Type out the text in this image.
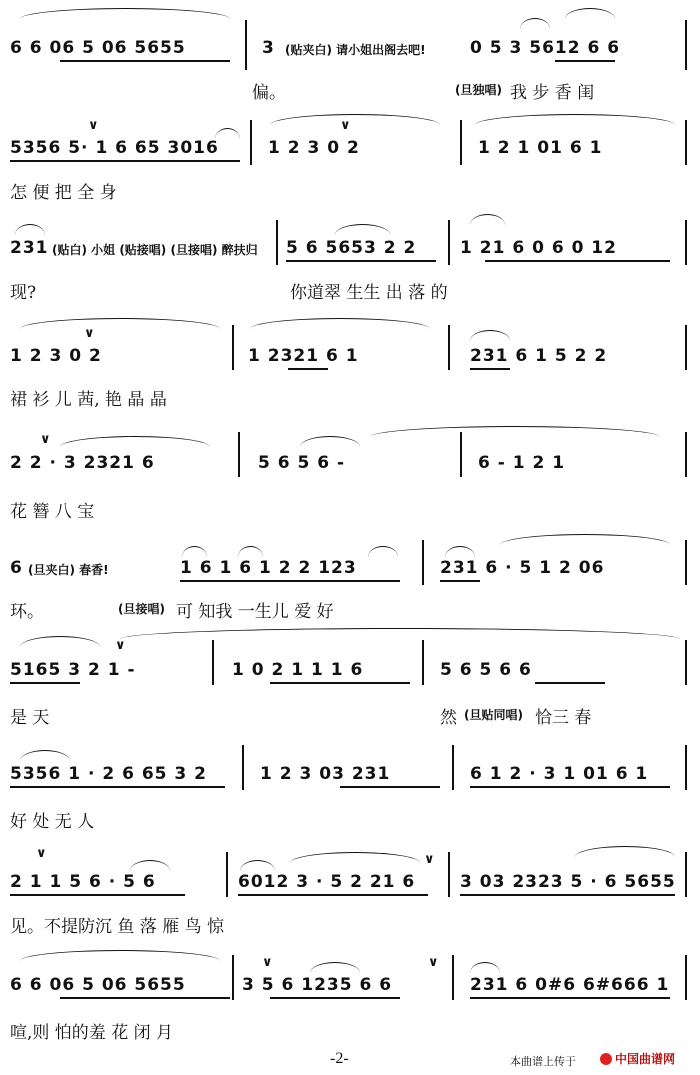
6 6 06 5 06 5655	3 (贴夹白) 请小姐出阁去吧!	0 5 3 5612 6 6
偏。	(旦独唱) 我 步 香 闺
5356 5· 1 6 65 3016
∨
1 2 3 0 2
∨
1 2 1 01 6 1
怎 便 把 全 身
231 (贴白) 小姐 (贴接唱) (旦接唱) 醉扶归 5 6 5653 2 2	1 21 6 0 6 0 12
现?	你道翠 生生 出 落 的
1 2 3 0 2
∨
1 2321 6 1	231 6 1 5 2 2
裙 衫 儿 茜, 艳 晶 晶
2 2 · 3 2321 6
∨
5 6 5 6 -	6 - 1 2 1
花 簪 八 宝
6 (旦夹白) 春香!	1 6 1 6 1 2 2 123	231 6 · 5 1 2 06
环。	(旦接唱) 可 知我 一生儿 爱 好
5165 3 2 1 -
∨
1 0 2 1 1 1 6	5 6 5 6 6
是 天	然 (旦贴同唱) 恰三 春
5356 1 · 2 6 65 3 2	1 2 3 03 231	6 1 2 · 3 1 01 6 1
好 处 无 人
∨
2 1 1 5 6 · 5 6	6012 3 · 5 2 21 6
∨
3 03 2323 5 · 6 5655
见。不提防沉 鱼 落 雁 鸟 惊
6 6 06 5 06 5655
∨	∨
3 5 6 1235 6 6	231 6 0#6 6#666 1
喧,则 怕的羞 花 闭 月
-2-	本曲谱上传于	中国曲谱网
